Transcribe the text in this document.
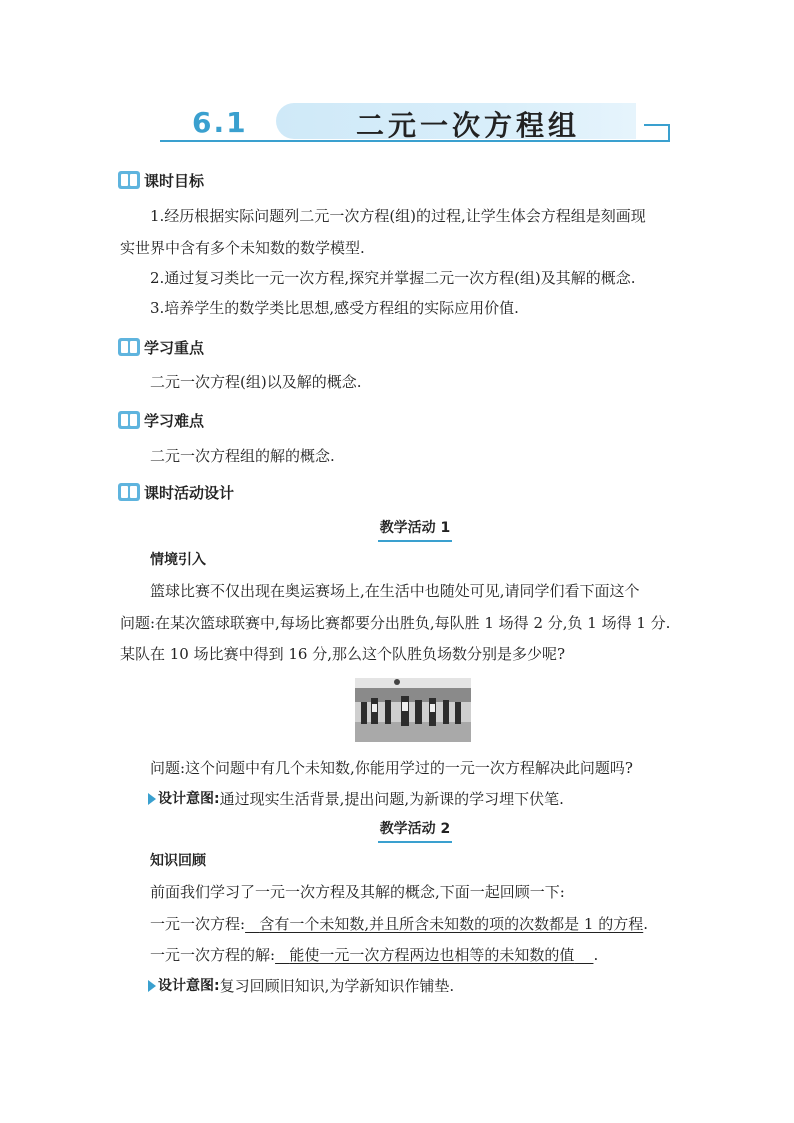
6.1	二元一次方程组
课时目标
1.经历根据实际问题列二元一次方程(组)的过程,让学生体会方程组是刻画现
实世界中含有多个未知数的数学模型.
2.通过复习类比一元一次方程,探究并掌握二元一次方程(组)及其解的概念.
3.培养学生的数学类比思想,感受方程组的实际应用价值.
学习重点
二元一次方程(组)以及解的概念.
学习难点
二元一次方程组的解的概念.
课时活动设计
教学活动 1
情境引入
篮球比赛不仅出现在奥运赛场上,在生活中也随处可见,请同学们看下面这个
问题:在某次篮球联赛中,每场比赛都要分出胜负,每队胜 1 场得 2 分,负 1 场得 1 分.
某队在 10 场比赛中得到 16 分,那么这个队胜负场数分别是多少呢?
问题:这个问题中有几个未知数,你能用学过的一元一次方程解决此问题吗?
设计意图: 通过现实生活背景,提出问题,为新课的学习埋下伏笔.
教学活动 2
知识回顾
前面我们学习了一元一次方程及其解的概念,下面一起回顾一下:
一元一次方程: 含有一个未知数,并且所含未知数的项的次数都是 1 的方程.
一元一次方程的解: 能使一元一次方程两边也相等的未知数的值 .
设计意图: 复习回顾旧知识,为学新知识作铺垫.
